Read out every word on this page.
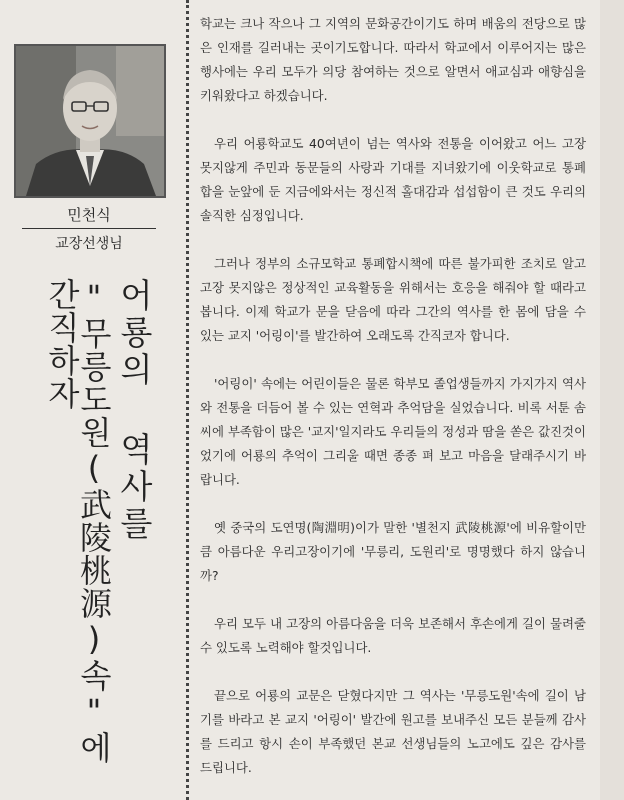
민천식
교장선생님
어룡의 역사를
"무릉도원(武陵桃源)속"에 간직하자

학교는 크나 작으나 그 지역의 문화공간이기도 하며 배움의 전당으로 많은 인재를 길러내는 곳이기도합니다. 따라서 학교에서 이루어지는 많은 행사에는 우리 모두가 의당 참여하는 것으로 알면서 애교심과 애향심을 키워왔다고 하겠습니다.

우리 어룡학교도 40여년이 넘는 역사와 전통을 이어왔고 어느 고장 못지않게 주민과 동문들의 사랑과 기대를 지녀왔기에 이웃학교로 통폐합을 눈앞에 둔 지금에와서는 정신적 홀대감과 섭섭함이 큰 것도 우리의 솔직한 심정입니다.

그러나 정부의 소규모학교 통폐합시책에 따른 불가피한 조치로 알고 고장 못지않은 정상적인 교육활동을 위해서는 호응을 해줘야 할 때라고 봅니다. 이제 학교가 문을 닫음에 따라 그간의 역사를 한 몸에 담을 수 있는 교지 '어링이'를 발간하여 오래도록 간직코자 합니다.

'어링이' 속에는 어린이들은 물론 학부모 졸업생들까지 가지가지 역사와 전통을 더듬어 볼 수 있는 연혁과 추억담을 실었습니다. 비록 서툰 솜씨에 부족함이 많은 '교지'일지라도 우리들의 정성과 땀을 쏟은 값진것이었기에 어룡의 추억이 그리울 때면 종종 펴 보고 마음을 달래주시기 바랍니다.

옛 중국의 도연명(陶淵明)이가 말한 '별천지 武陵桃源'에 비유할이만큼 아름다운 우리고장이기에 '무릉리, 도원리'로 명명했다 하지 않습니까?

우리 모두 내 고장의 아름다움을 더욱 보존해서 후손에게 길이 물려줄수 있도록 노력해야 할것입니다.

끝으로 어룡의 교문은 닫혔다지만 그 역사는 '무릉도원'속에 길이 남기를 바라고 본 교지 '어링이' 발간에 원고를 보내주신 모든 분들께 감사를 드리고 항시 손이 부족했던 본교 선생님들의 노고에도 깊은 감사를 드립니다.
